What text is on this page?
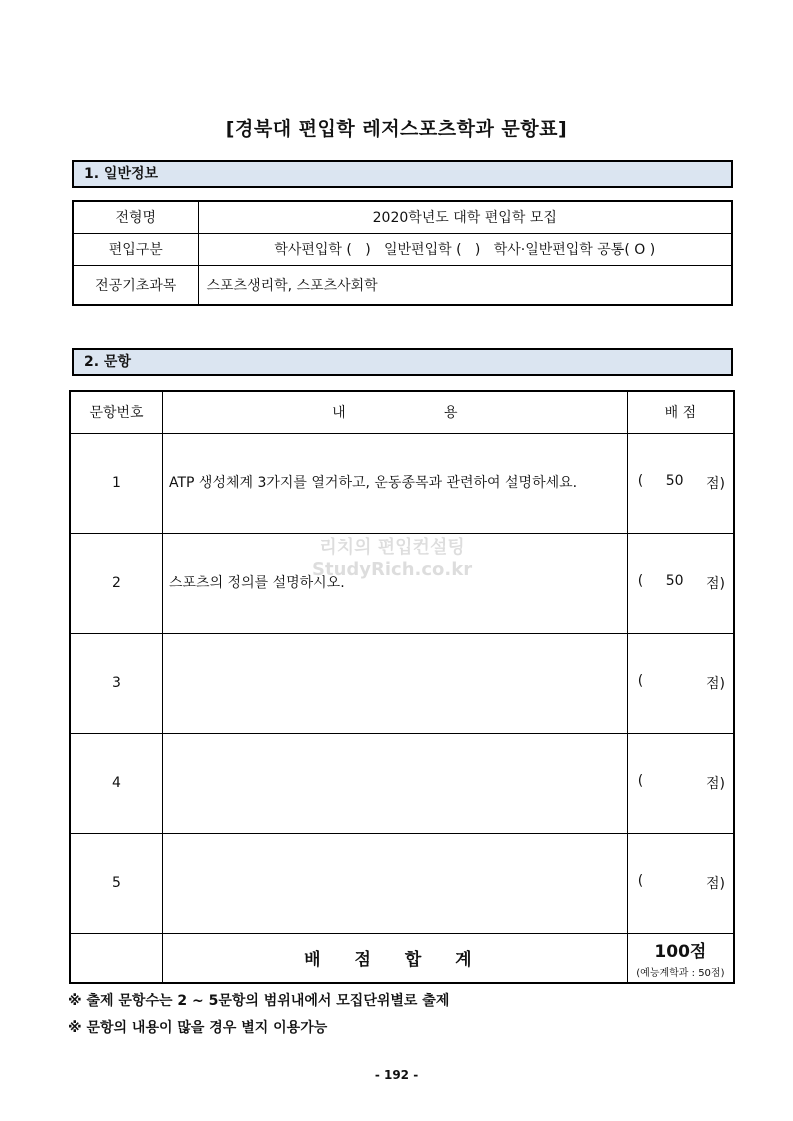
[경북대 편입학 레저스포츠학과 문항표]
1. 일반정보
전형명	2020학년도 대학 편입학 모집
편입구분	학사편입학 (   )   일반편입학 (   )   학사·일반편입학 공통( O )
전공기초과목	스포츠생리학, 스포츠사회학
2. 문항
문항번호	내 용	배 점
1	ATP 생성체계 3가지를 열거하고, 운동종목과 관련하여 설명하세요.	( 50 점)

2	스포츠의 정의를 설명하시오.	( 50 점)

3		( 점)

4		( 점)

5		( 점)

	배 점 합 계	100점
(예능계학과 : 50점)
리치의 편입컨설팅
StudyRich.co.kr
※ 출제 문항수는 2 ~ 5문항의 범위내에서 모집단위별로 출제
※ 문항의 내용이 많을 경우 별지 이용가능
- 192 -
